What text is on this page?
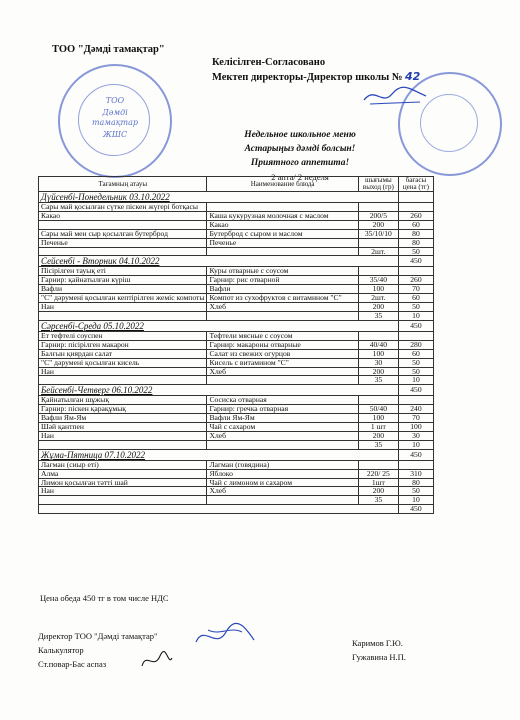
ТОО "Дәмді тамақтар"
Келісілген-Согласовано
Мектеп директоры-Директор школы № 42
ТОО
Дәмді
тамақтар
ЖШС	Недельное школьное меню
Астарыңыз дәмді болсын!
Приятного аппетита!
2 апта/ 2 неделя
Тағамның атауы	Наименование блюда	шығымы выход (гр)	бағасы цена (тг)
Дүйсенбі-Понедельник 03.10.2022			
Сары май қосылған сүтке піскен жүгері ботқасы			
Какао	Каша кукурузная молочная с маслом	200/5	260
	Какао	200	60
Сары май мен сыр қосылған бутерброд	Бутерброд с сыром и маслом	35/10/10	80
Печенье	Печенье		80
		2шт.	50
Сейсенбі - Вторник 04.10.2022			450
Пісірілген тауық еті	Куры отварные с соусом		
Гарнир: қайнатылған күріш	Гарнир: рис отварной	35/40	260
Вафли	Вафли	100	70
"С" дәрумені қосылған кептірілген жеміс компоты	Компот из сухофруктов с витамином "С"	2шт.	60
Нан	Хлеб	200	50
		35	10
Сәрсенбі-Среда 05.10.2022			450
Ет тефтелі соуспен	Тефтели мясные с соусом		
Гарнир: пісірілген макарон	Гарнир: макароны отварные	40/40	280
Балғын қиярдан салат	Салат из свежих огурцов	100	60
"С" дәрумені қосылған кисель	Кисель с витамином "С"	30	50
Нан	Хлеб	200	50
		35	10
Бейсенбі-Четверг 06.10.2022			450
Қайнатылған шұжық	Сосиска отварная		
Гарнир: піскен қарақұмық	Гарнир: гречка отварная	50/40	240
Вафли Ям-Ям	Вафли Ям-Ям	100	70
Шәй қантпен	Чай с сахаром	1 шт	100
Нан	Хлеб	200	30
		35	10
Жұма-Пятница 07.10.2022			450
Лағман (сиыр еті)	Лагман (говядина)		
Алма	Яблоко	220/ 25	310
Лимон қосылған тәтті шай	Чай с лимоном и сахаром	1шт	80
Нан	Хлеб	200	50
		35	10
			450
Цена обеда 450 тг в том числе НДС
Директор ТОО "Дәмді тамақтар"
Калькулятор
Ст.повар-Бас аспаз
Каримов Г.Ю.
Гужавина Н.П.
